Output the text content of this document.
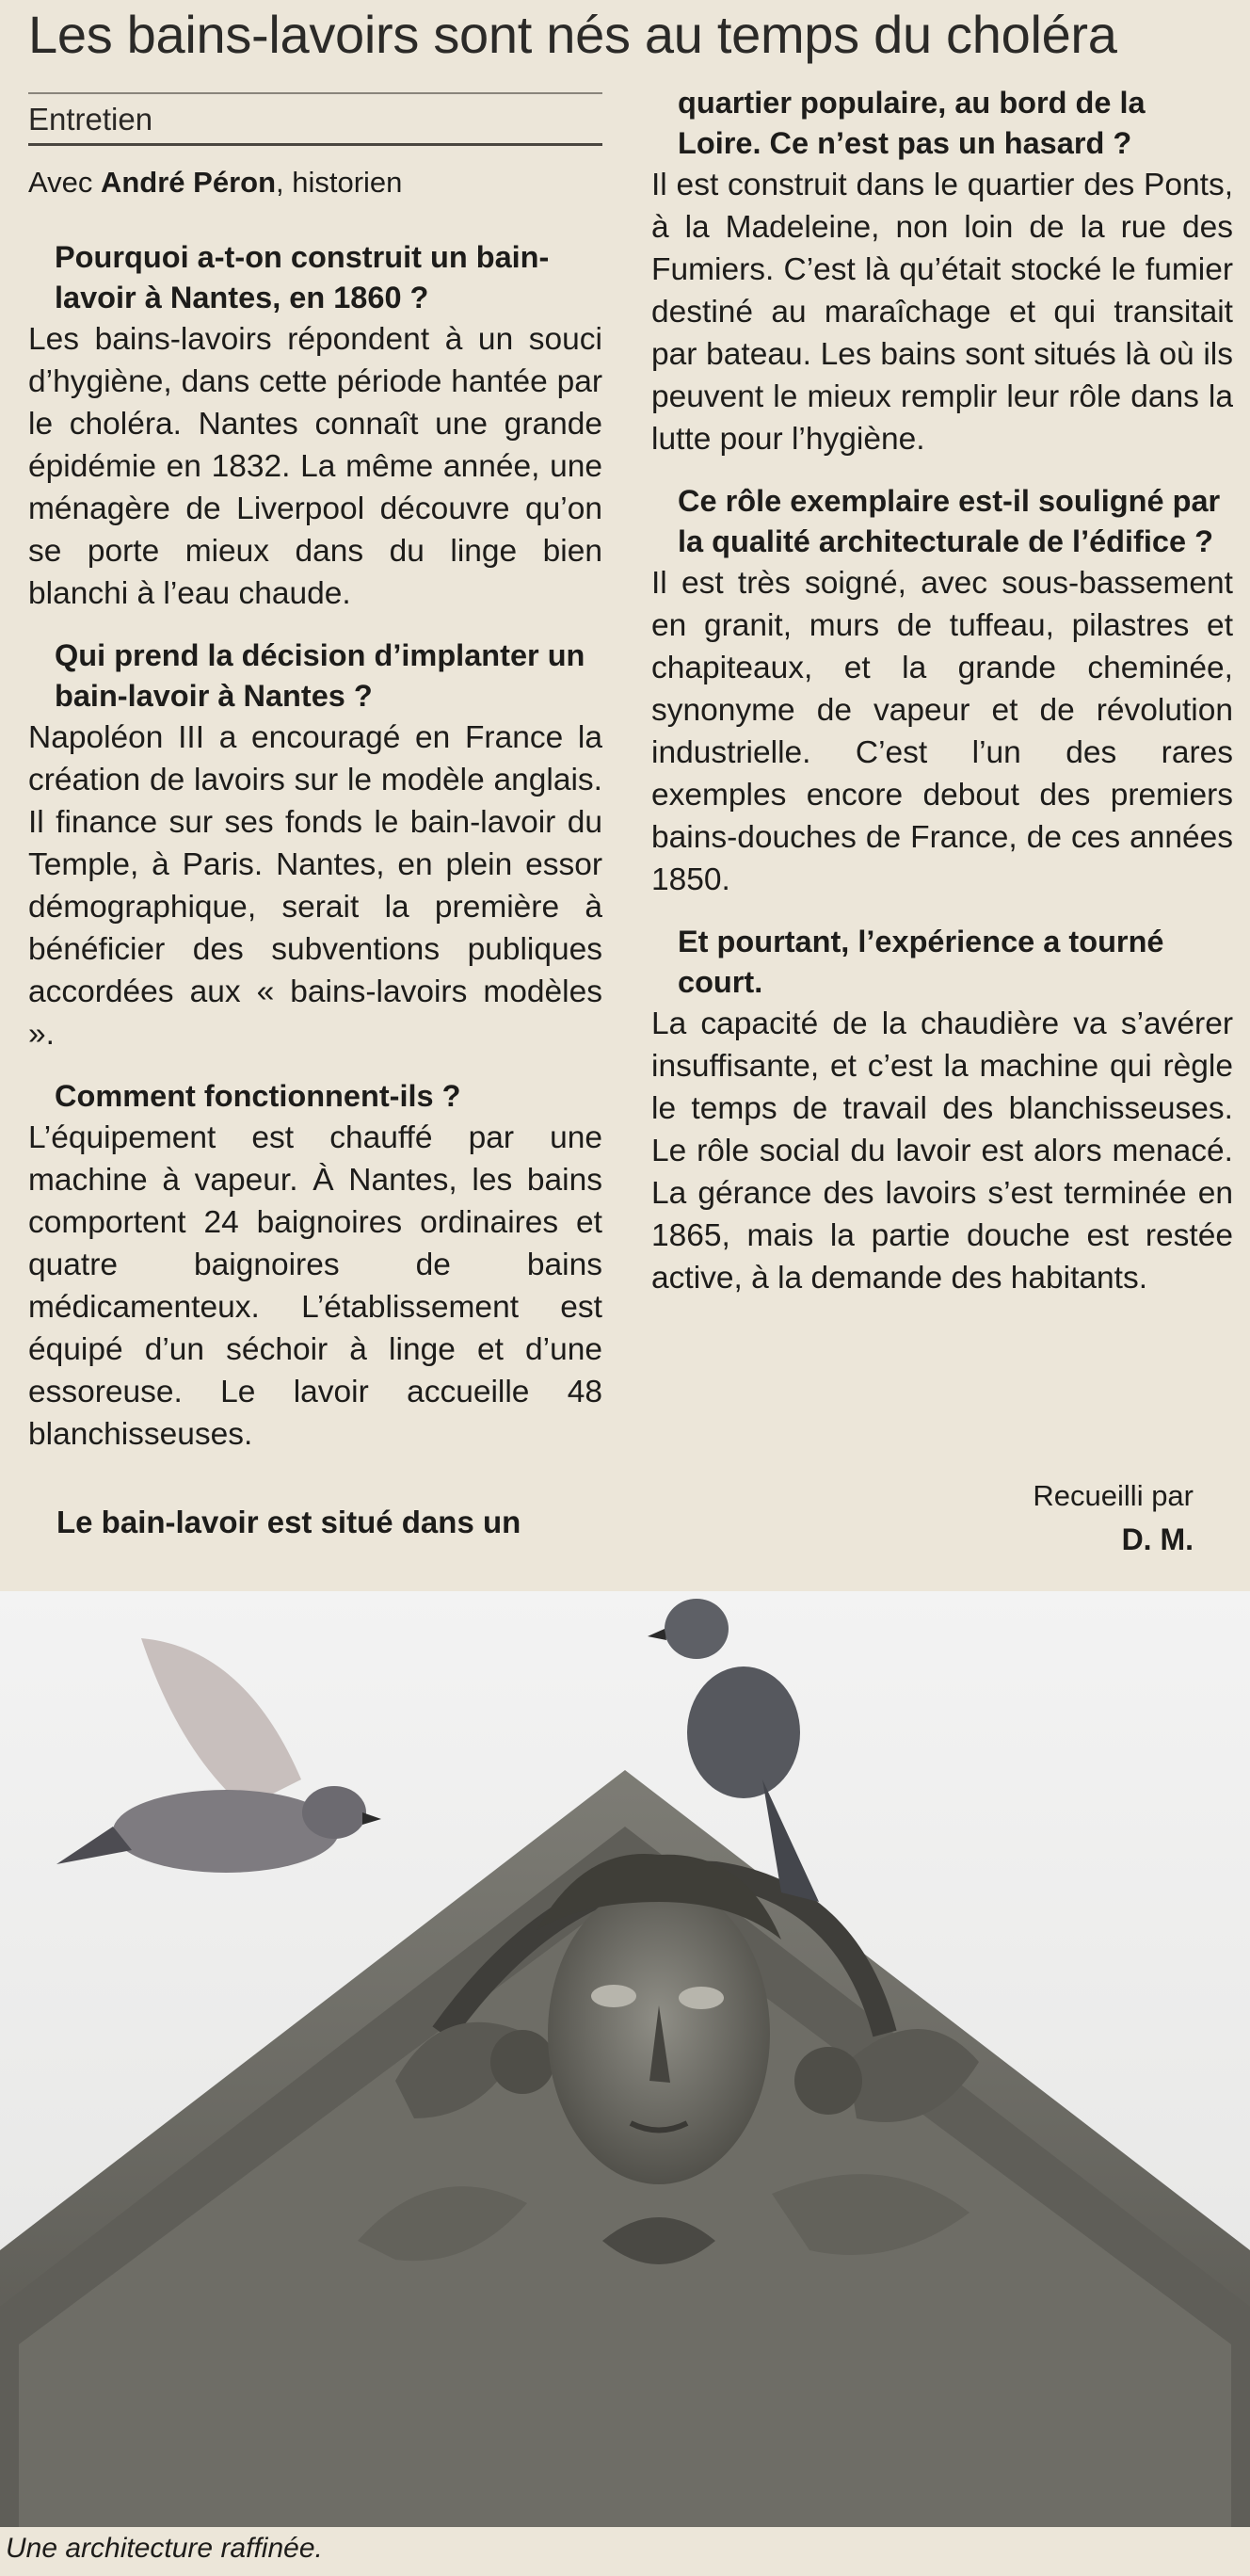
Les bains-lavoirs sont nés au temps du choléra
Entretien
Avec André Péron, historien

Pourquoi a-t-on construit un bain-lavoir à Nantes, en 1860 ?

Les bains-lavoirs répondent à un souci d’hygiène, dans cette période hantée par le choléra. Nantes connaît une grande épidémie en 1832. La même année, une ménagère de Liverpool découvre qu’on se porte mieux dans du linge bien blanchi à l’eau chaude.

Qui prend la décision d’implanter un bain-lavoir à Nantes ?

Napoléon III a encouragé en France la création de lavoirs sur le modèle anglais. Il finance sur ses fonds le bain-lavoir du Temple, à Paris. Nantes, en plein essor démographique, serait la première à bénéficier des subventions publiques accordées aux « bains-lavoirs modèles ».

Comment fonctionnent-ils ?

L’équipement est chauffé par une machine à vapeur. À Nantes, les bains comportent 24 baignoires ordinaires et quatre baignoires de bains médicamenteux. L’établissement est équipé d’un séchoir à linge et d’une essoreuse. Le lavoir accueille 48 blanchisseuses.

Le bain-lavoir est situé dans un

quartier populaire, au bord de la Loire. Ce n’est pas un hasard ?

Il est construit dans le quartier des Ponts, à la Madeleine, non loin de la rue des Fumiers. C’est là qu’était stocké le fumier destiné au maraîchage et qui transitait par bateau. Les bains sont situés là où ils peuvent le mieux remplir leur rôle dans la lutte pour l’hygiène.

Ce rôle exemplaire est-il souligné par la qualité architecturale de l’édifice ?

Il est très soigné, avec sous-bassement en granit, murs de tuffeau, pilastres et chapiteaux, et la grande cheminée, synonyme de vapeur et de révolution industrielle. C’est l’un des rares exemples encore debout des premiers bains-douches de France, de ces années 1850.

Et pourtant, l’expérience a tourné court.

La capacité de la chaudière va s’avérer insuffisante, et c’est la machine qui règle le temps de travail des blanchisseuses. Le rôle social du lavoir est alors menacé. La gérance des lavoirs s’est terminée en 1865, mais la partie douche est restée active, à la demande des habitants.

Recueilli par
D. M.
Une architecture raffinée.
